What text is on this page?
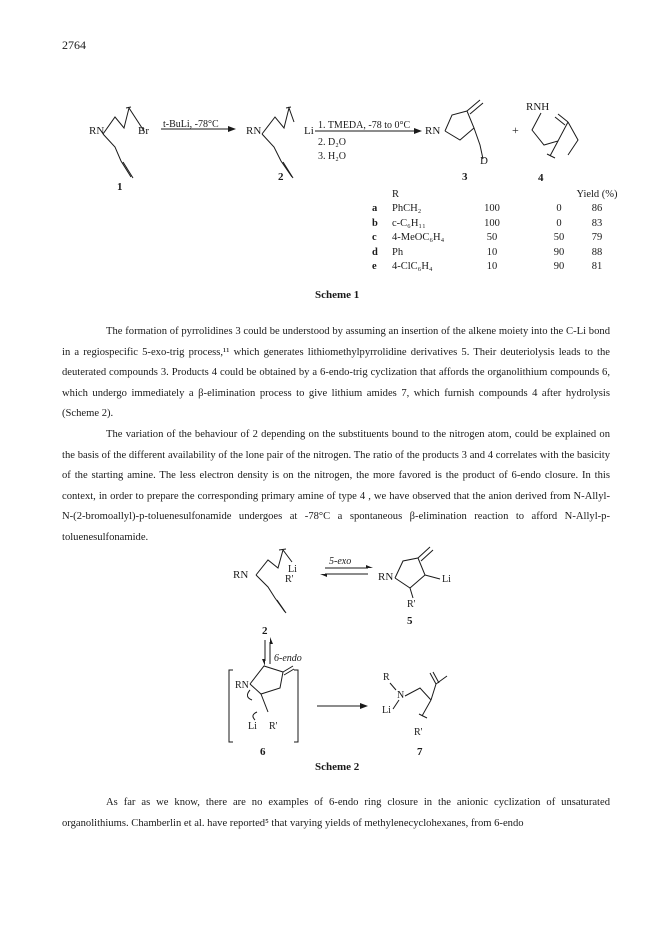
2764
RN	Br
1
t-BuLi, -78°C
RN	Li
2
1. TMEDA, -78 to 0°C
2. D₂O
3. H₂O
RN
D
3
+
RNH
4
RN	Li
R'
2
5-exo
RN	Li
R'
5
6-endo
RN
Li R'
6
R
N
Li
R'
7
	R				Yield (%)
a	PhCH₂	100		0	86
b	c-C₆H₁₁	100		0	83
c	4-MeOC₆H₄	50		50	79
d	Ph	10		90	88
e	4-ClC₆H₄	10		90	81
Scheme 1

The formation of pyrrolidines 3 could be understood by assuming an insertion of the alkene moiety into the C-Li bond in a regiospecific 5-exo-trig process,¹¹ which generates lithiomethylpyrrolidine derivatives 5. Their deuteriolysis leads to the deuterated compounds 3. Products 4 could be obtained by a 6-endo-trig cyclization that affords the organolithium compounds 6, which undergo immediately a β-elimination process to give lithium amides 7, which furnish compounds 4 after hydrolysis (Scheme 2).

The variation of the behaviour of 2 depending on the substituents bound to the nitrogen atom, could be explained on the basis of the different availability of the lone pair of the nitrogen. The ratio of the products 3 and 4 correlates with the basicity of the starting amine. The less electron density is on the nitrogen, the more favored is the product of 6-endo closure. In this context, in order to prepare the corresponding primary amine of type 4 , we have observed that the anion derived from N-Allyl-N-(2-bromoallyl)-p-toluenesulfonamide undergoes at -78°C a spontaneous β-elimination reaction to afford N-Allyl-p-toluenesulfonamide.

Scheme 2

As far as we know, there are no examples of 6-endo ring closure in the anionic cyclization of unsaturated organolithiums. Chamberlin et al. have reported⁵ that varying yields of methylenecyclohexanes, from 6-endo
